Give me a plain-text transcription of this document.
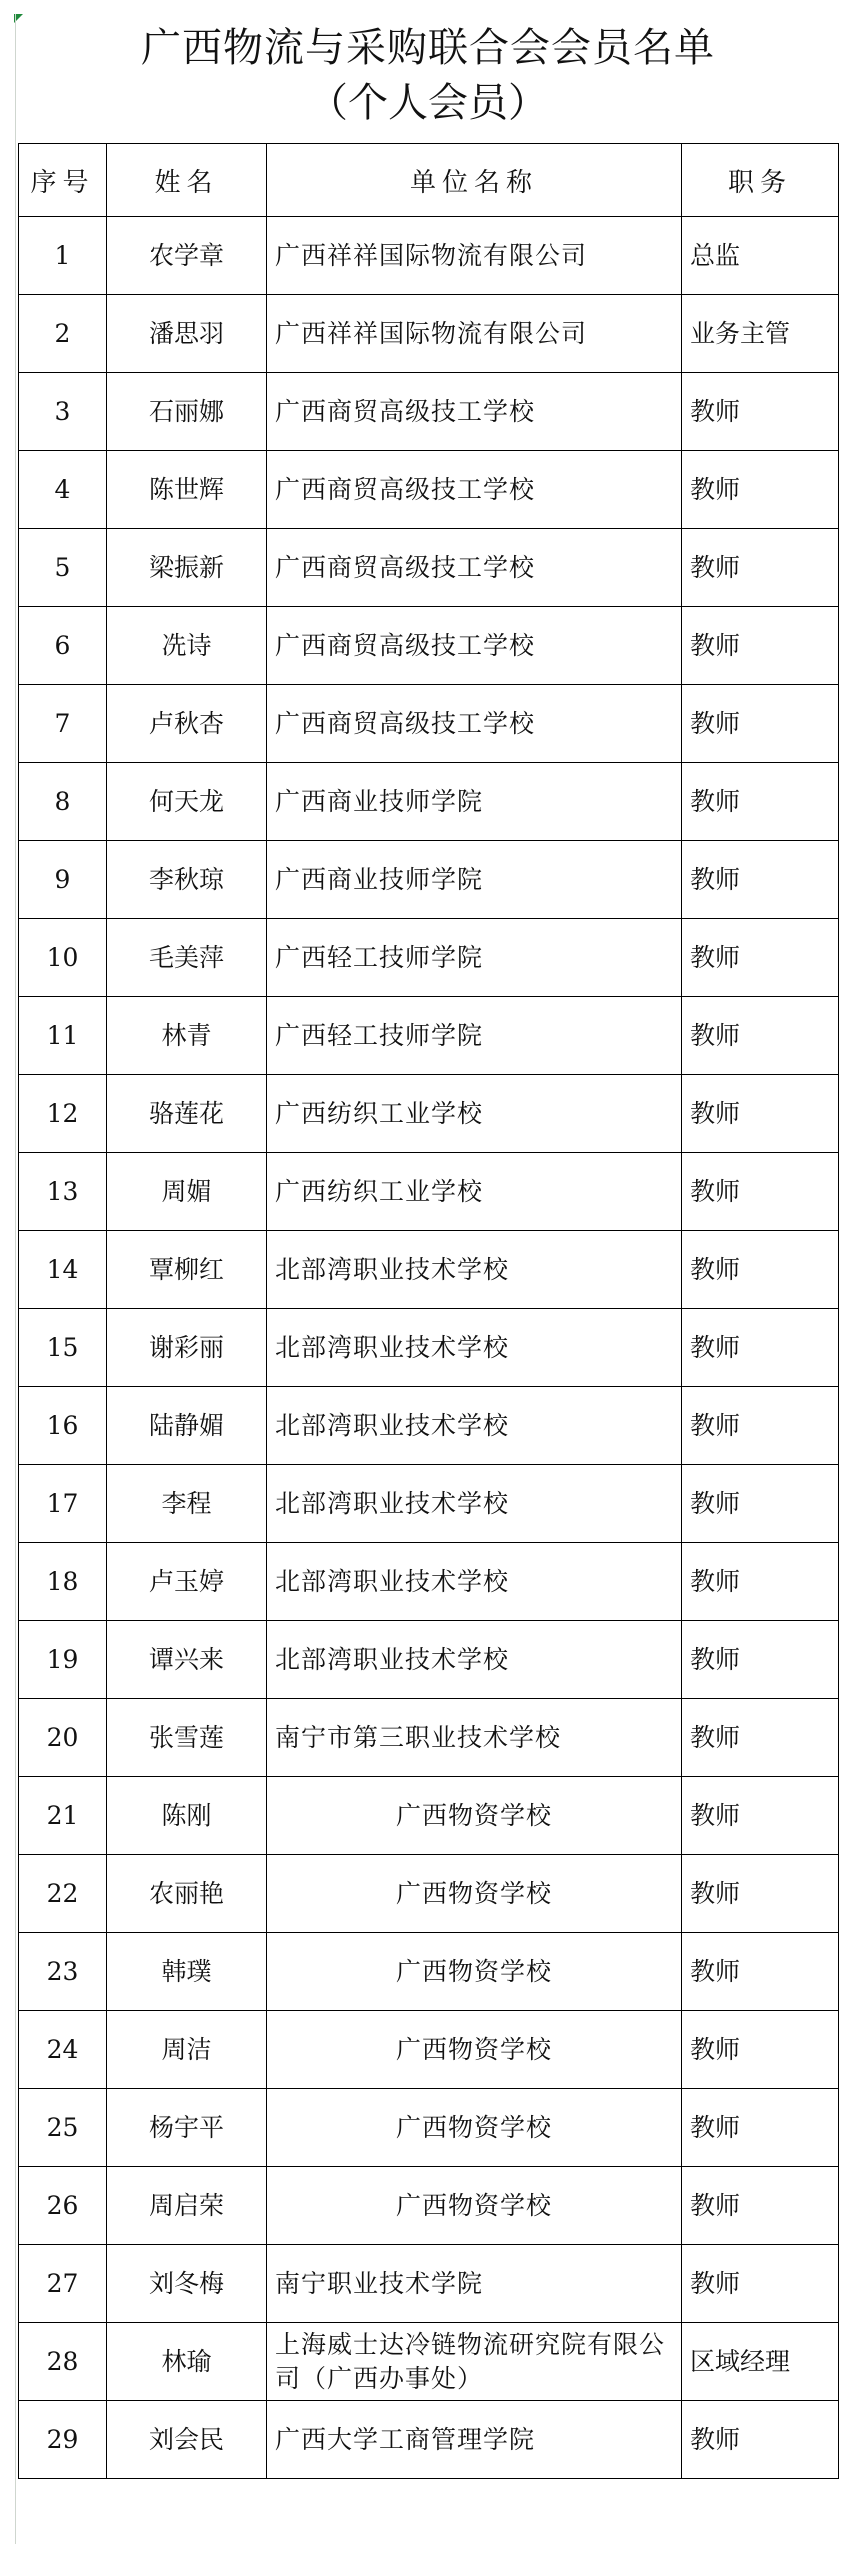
广西物流与采购联合会会员名单
（个人会员）
序号	姓名	单位名称	职务
1	农学章	广西祥祥国际物流有限公司	总监
2	潘思羽	广西祥祥国际物流有限公司	业务主管
3	石丽娜	广西商贸高级技工学校	教师
4	陈世辉	广西商贸高级技工学校	教师
5	梁振新	广西商贸高级技工学校	教师
6	冼诗	广西商贸高级技工学校	教师
7	卢秋杏	广西商贸高级技工学校	教师
8	何天龙	广西商业技师学院	教师
9	李秋琼	广西商业技师学院	教师
10	毛美萍	广西轻工技师学院	教师
11	林青	广西轻工技师学院	教师
12	骆莲花	广西纺织工业学校	教师
13	周媚	广西纺织工业学校	教师
14	覃柳红	北部湾职业技术学校	教师
15	谢彩丽	北部湾职业技术学校	教师
16	陆静媚	北部湾职业技术学校	教师
17	李程	北部湾职业技术学校	教师
18	卢玉婷	北部湾职业技术学校	教师
19	谭兴来	北部湾职业技术学校	教师
20	张雪莲	南宁市第三职业技术学校	教师
21	陈刚	广西物资学校	教师
22	农丽艳	广西物资学校	教师
23	韩璞	广西物资学校	教师
24	周洁	广西物资学校	教师
25	杨宇平	广西物资学校	教师
26	周启荣	广西物资学校	教师
27	刘冬梅	南宁职业技术学院	教师
28	林瑜	上海威士达冷链物流研究院有限公司（广西办事处）	区域经理
29	刘会民	广西大学工商管理学院	教师
